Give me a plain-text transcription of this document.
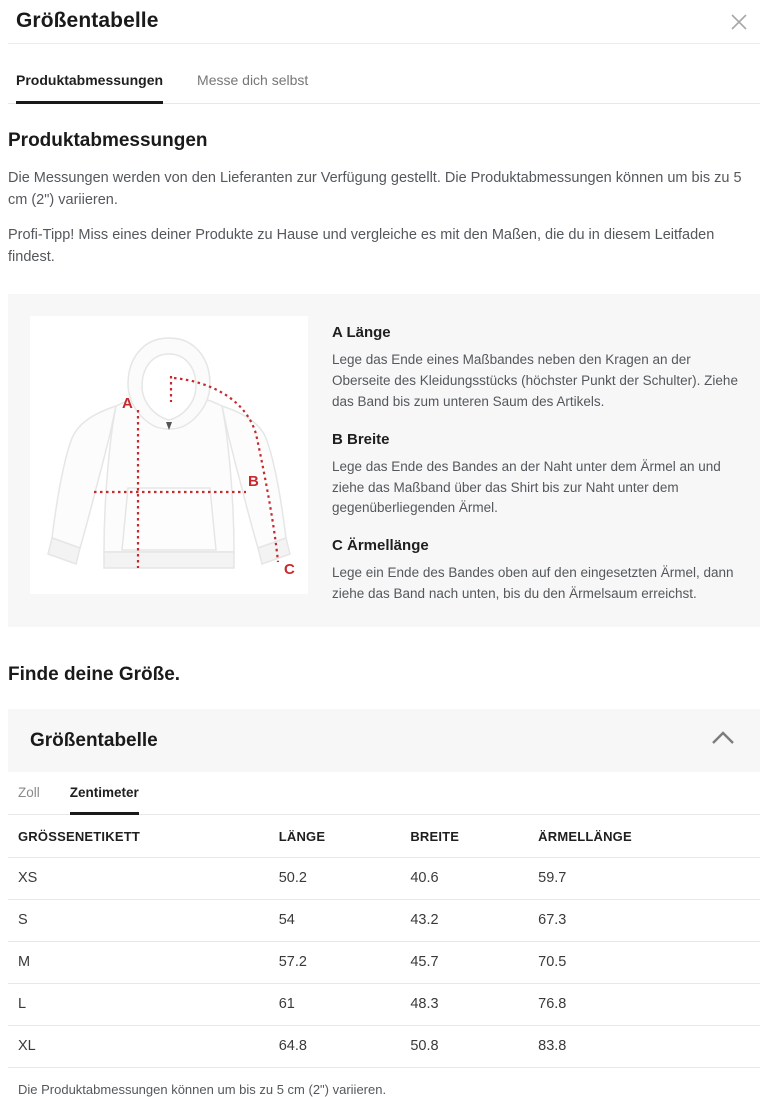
Größentabelle
Produktabmessungen Messe dich selbst
Produktabmessungen

Die Messungen werden von den Lieferanten zur Verfügung gestellt. Die Produktabmessungen können um bis zu 5 cm (2") variieren.

Profi-Tipp! Miss eines deiner Produkte zu Hause und vergleiche es mit den Maßen, die du in diesem Leitfaden findest.

A
B
C
A Länge
Lege das Ende eines Maßbandes neben den Kragen an der Oberseite des Kleidungsstücks (höchster Punkt der Schulter). Ziehe das Band bis zum unteren Saum des Artikels.
B Breite
Lege das Ende des Bandes an der Naht unter dem Ärmel an und ziehe das Maßband über das Shirt bis zur Naht unter dem gegenüberliegenden Ärmel.
C Ärmellänge
Lege ein Ende des Bandes oben auf den eingesetzten Ärmel, dann ziehe das Band nach unten, bis du den Ärmelsaum erreichst.
Finde deine Größe.
Größentabelle
Zoll Zentimeter
GRÖSSENETIKETT	LÄNGE	BREITE	ÄRMELLÄNGE
XS	50.2	40.6	59.7
S	54	43.2	67.3
M	57.2	45.7	70.5
L	61	48.3	76.8
XL	64.8	50.8	83.8
Die Produktabmessungen können um bis zu 5 cm (2") variieren.
